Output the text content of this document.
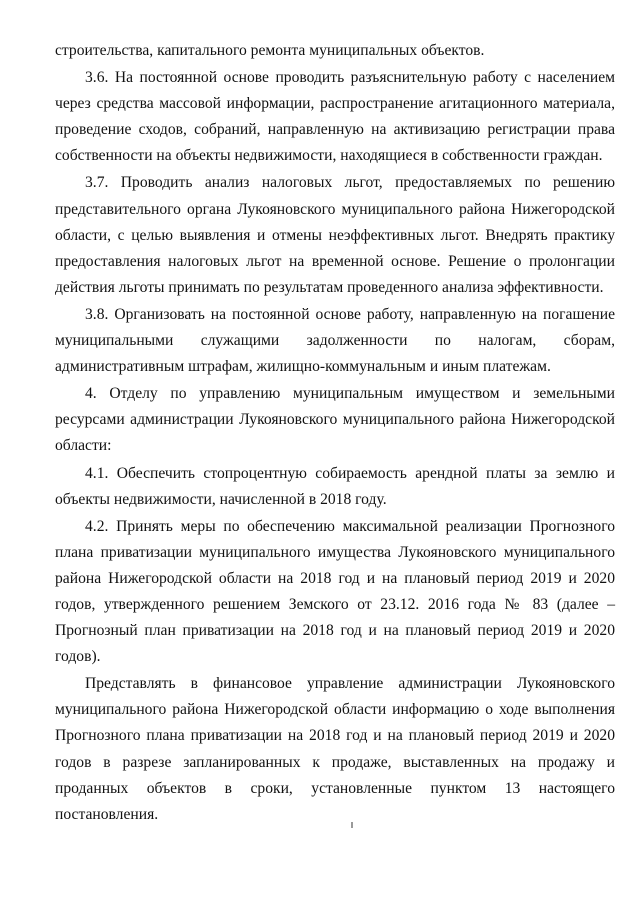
строительства, капитального ремонта муниципальных объектов.

3.6. На постоянной основе проводить разъяснительную работу с населением через средства массовой информации, распространение агитационного материала, проведение сходов, собраний, направленную на активизацию регистрации права собственности на объекты недвижимости, находящиеся в собственности граждан.

3.7. Проводить анализ налоговых льгот, предоставляемых по решению представительного органа Лукояновского муниципального района Нижегородской области, с целью выявления и отмены неэффективных льгот. Внедрять практику предоставления налоговых льгот на временной основе. Решение о пролонгации действия льготы принимать по результатам проведенного анализа эффективности.

3.8. Организовать на постоянной основе работу, направленную на погашение муниципальными служащими задолженности по налогам, сборам, административным штрафам, жилищно-коммунальным и иным платежам.

4. Отделу по управлению муниципальным имуществом и земельными ресурсами администрации Лукояновского муниципального района Нижегородской области:

4.1. Обеспечить стопроцентную собираемость арендной платы за землю и объекты недвижимости, начисленной в 2018 году.

4.2. Принять меры по обеспечению максимальной реализации Прогнозного плана приватизации муниципального имущества Лукояновского муниципального района Нижегородской области на 2018 год и на плановый период 2019 и 2020 годов, утвержденного решением Земского от 23.12. 2016 года № 83 (далее – Прогнозный план приватизации на 2018 год и на плановый период 2019 и 2020 годов).

Представлять в финансовое управление администрации Лукояновского муниципального района Нижегородской области информацию о ходе выполнения Прогнозного плана приватизации на 2018 год и на плановый период 2019 и 2020 годов в разрезе запланированных к продаже, выставленных на продажу и проданных объектов в сроки, установленные пунктом 13 настоящего постановления.
